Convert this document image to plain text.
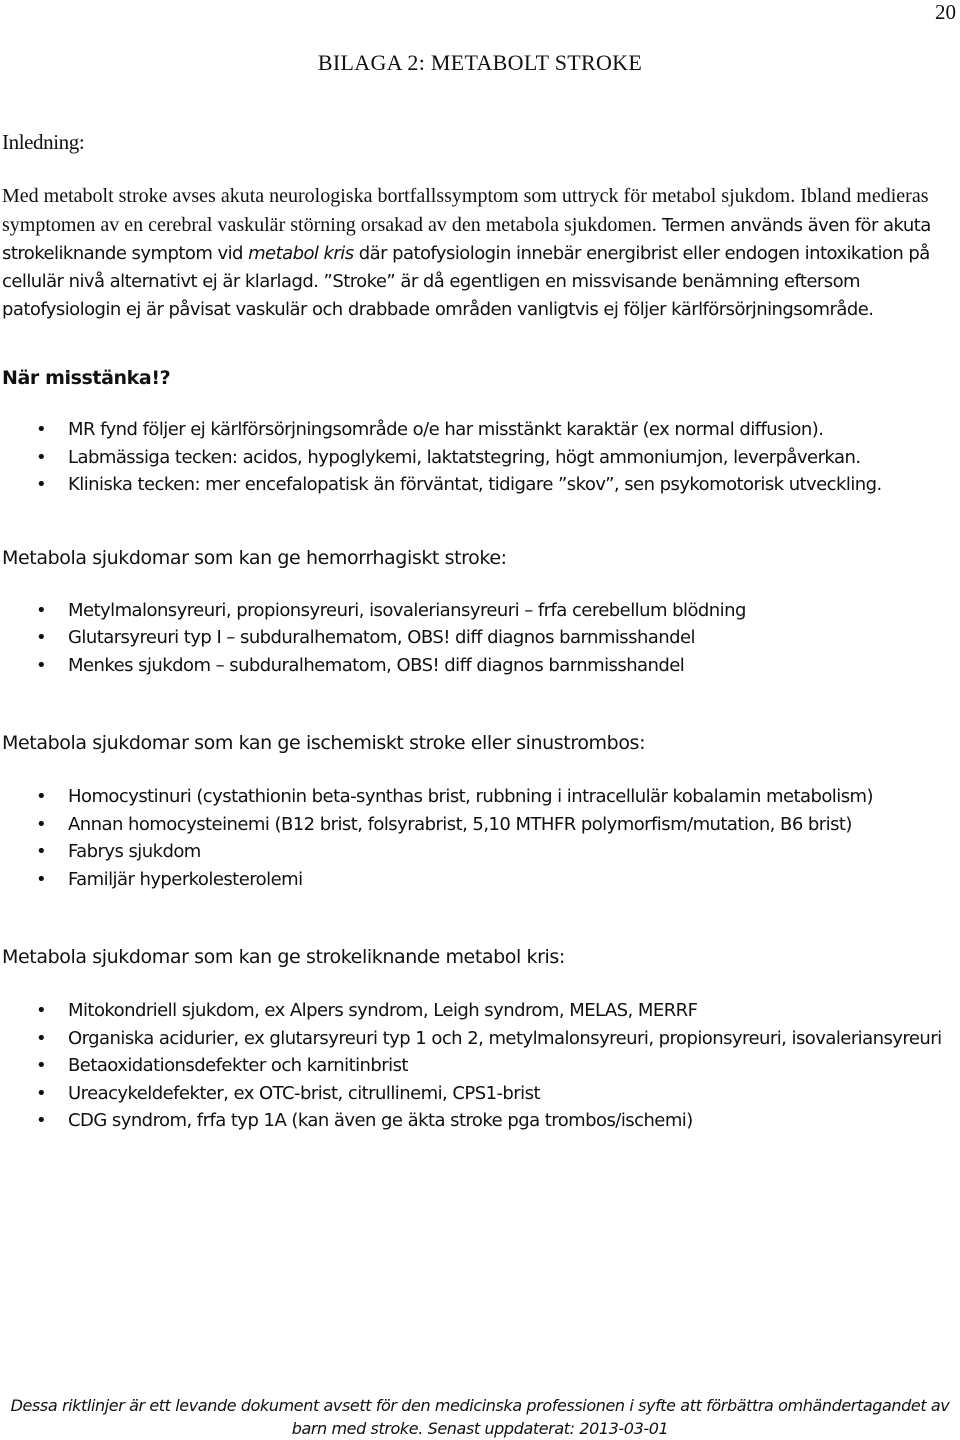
20
BILAGA 2: METABOLT STROKE
Inledning:

Med metabolt stroke avses akuta neurologiska bortfallssymptom som uttryck för metabol sjukdom. Ibland medieras symptomen av en cerebral vaskulär störning orsakad av den metabola sjukdomen. Termen används även för akuta strokeliknande symptom vid metabol kris där patofysiologin innebär energibrist eller endogen intoxikation på cellulär nivå alternativt ej är klarlagd. ”Stroke” är då egentligen en missvisande benämning eftersom patofysiologin ej är påvisat vaskulär och drabbade områden vanligtvis ej följer kärlförsörjningsområde.

När misstänka!?
• MR fynd följer ej kärlförsörjningsområde o/e har misstänkt karaktär (ex normal diffusion).
• Labmässiga tecken: acidos, hypoglykemi, laktatstegring, högt ammoniumjon, leverpåverkan.
• Kliniska tecken: mer encefalopatisk än förväntat, tidigare ”skov”, sen psykomotorisk utveckling.
Metabola sjukdomar som kan ge hemorrhagiskt stroke:
• Metylmalonsyreuri, propionsyreuri, isovaleriansyreuri – frfa cerebellum blödning
• Glutarsyreuri typ I – subduralhematom, OBS! diff diagnos barnmisshandel
• Menkes sjukdom – subduralhematom, OBS! diff diagnos barnmisshandel
Metabola sjukdomar som kan ge ischemiskt stroke eller sinustrombos:
• Homocystinuri (cystathionin beta-synthas brist, rubbning i intracellulär kobalamin metabolism)
• Annan homocysteinemi (B12 brist, folsyrabrist, 5,10 MTHFR polymorfism/mutation, B6 brist)
• Fabrys sjukdom
• Familjär hyperkolesterolemi
Metabola sjukdomar som kan ge strokeliknande metabol kris:
• Mitokondriell sjukdom, ex Alpers syndrom, Leigh syndrom, MELAS, MERRF
• Organiska acidurier, ex glutarsyreuri typ 1 och 2, metylmalonsyreuri, propionsyreuri, isovaleriansyreuri
• Betaoxidationsdefekter och karnitinbrist
• Ureacykeldefekter, ex OTC-brist, citrullinemi, CPS1-brist
• CDG syndrom, frfa typ 1A (kan även ge äkta stroke pga trombos/ischemi)
Dessa riktlinjer är ett levande dokument avsett för den medicinska professionen i syfte att förbättra omhändertagandet av barn med stroke. Senast uppdaterat: 2013-03-01
